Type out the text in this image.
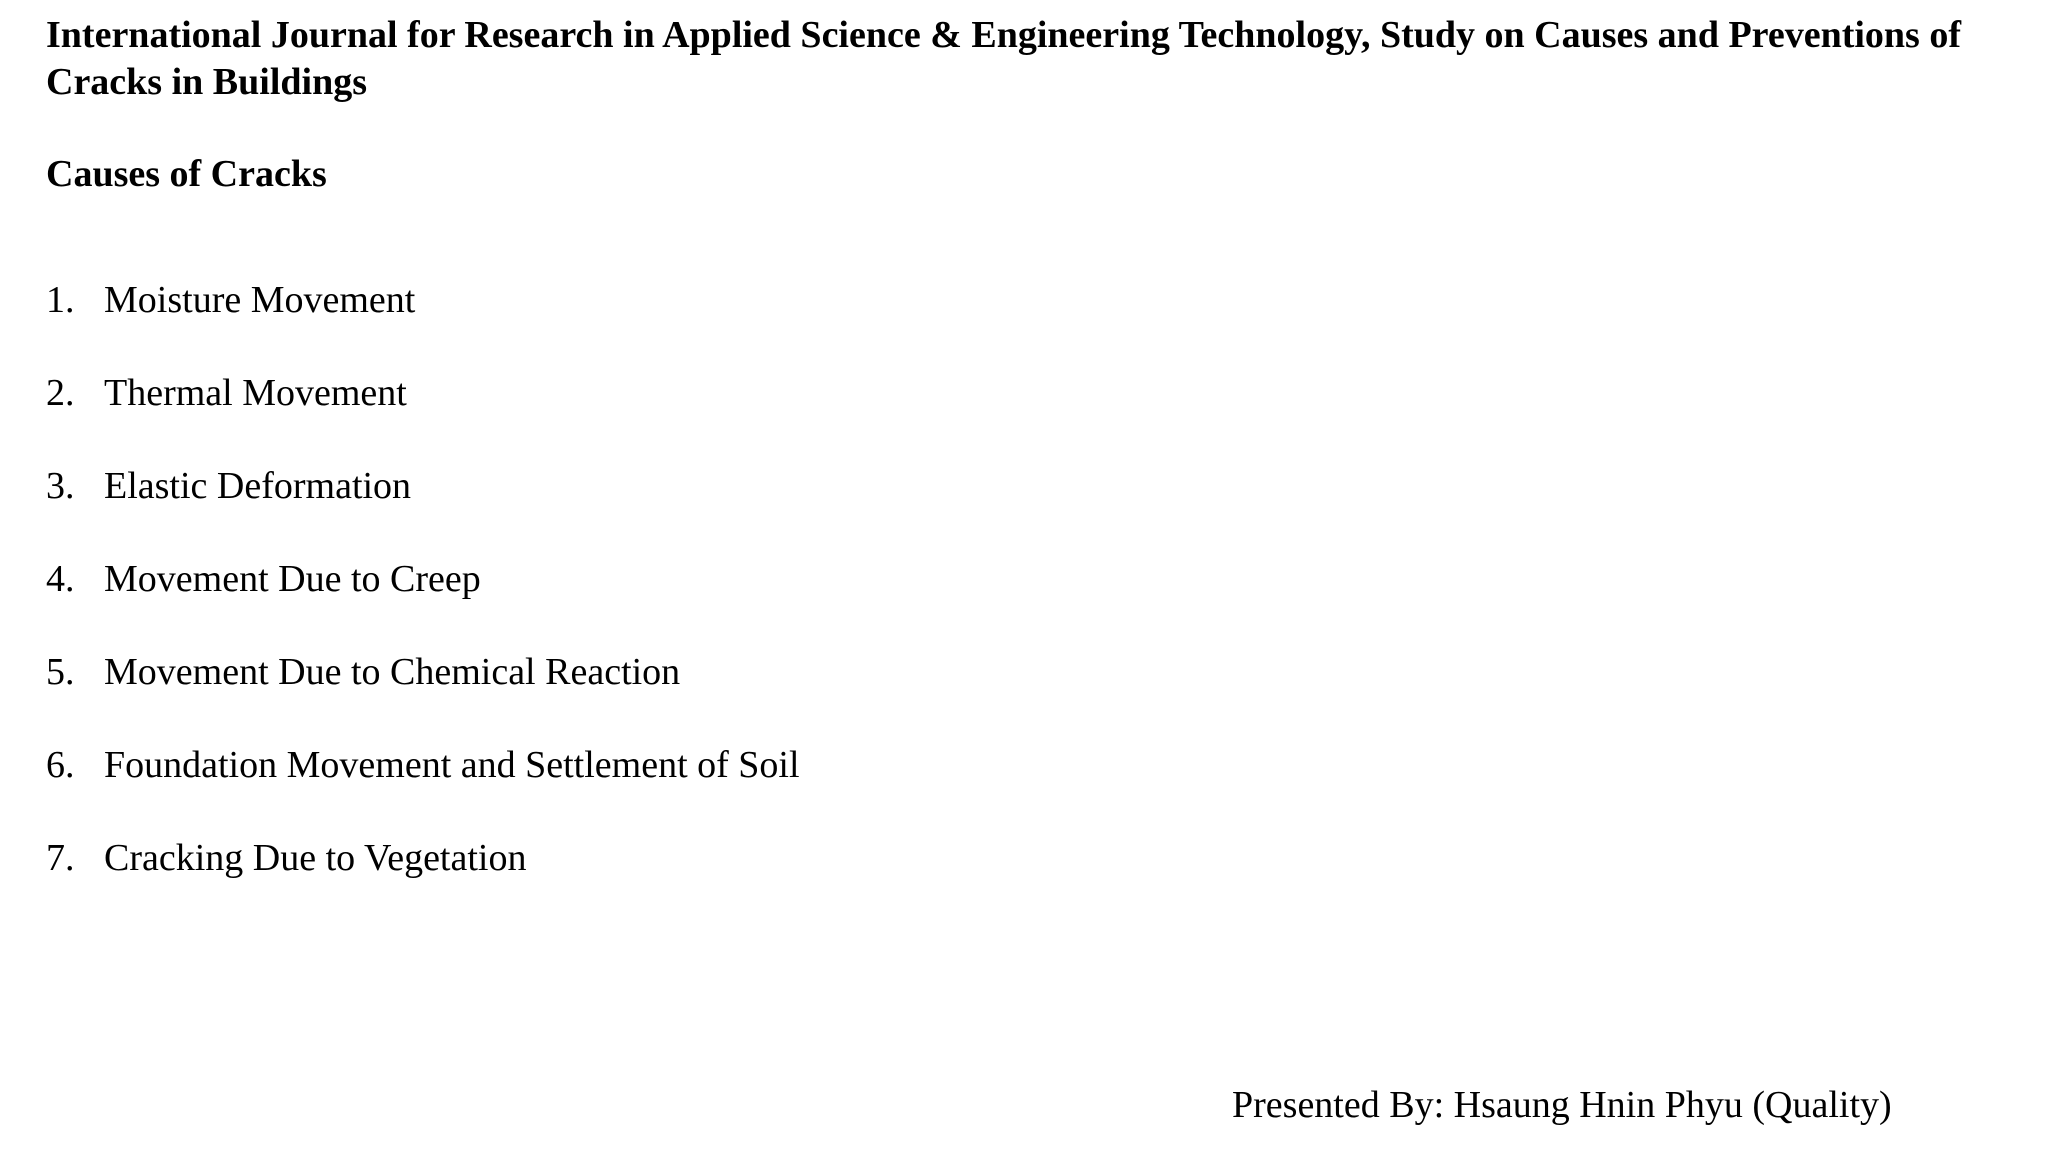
International Journal for Research in Applied Science & Engineering Technology, Study on Causes and Preventions of Cracks in Buildings
Causes of Cracks
1. Moisture Movement
2. Thermal Movement
3. Elastic Deformation
4. Movement Due to Creep
5. Movement Due to Chemical Reaction
6. Foundation Movement and Settlement of Soil
7. Cracking Due to Vegetation

Presented By: Hsaung Hnin Phyu (Quality)
